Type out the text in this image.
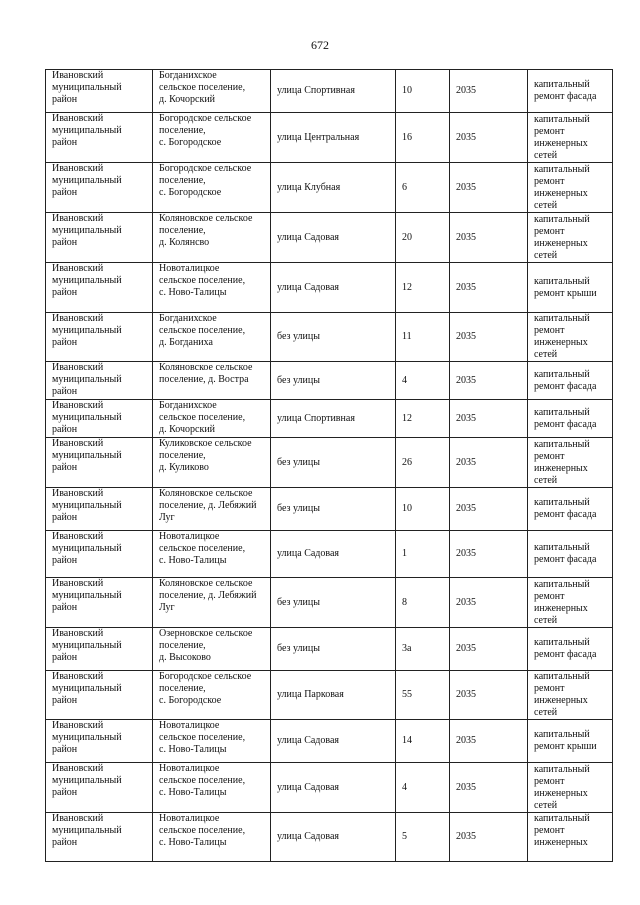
672
Ивановский
муниципальный
район	Богданихское
сельское поселение,
д. Кочорский	улица Спортивная	10	2035	капитальный
ремонт фасада

Ивановский
муниципальный
район	Богородское сельское
поселение,
с. Богородское	улица Центральная	16	2035	капитальный
ремонт
инженерных
сетей

Ивановский
муниципальный
район	Богородское сельское
поселение,
с. Богородское	улица Клубная	6	2035	капитальный
ремонт
инженерных
сетей

Ивановский
муниципальный
район	Коляновское сельское
поселение,
д. Колянсво	улица Садовая	20	2035	капитальный
ремонт
инженерных
сетей

Ивановский
муниципальный
район	Новоталицкое
сельское поселение,
с. Ново-Талицы	улица Садовая	12	2035	капитальный
ремонт крыши

Ивановский
муниципальный
район	Богданихское
сельское поселение,
д. Богданиха	без улицы	11	2035	капитальный
ремонт
инженерных
сетей

Ивановский
муниципальный
район	Коляновское сельское
поселение, д. Востра	без улицы	4	2035	капитальный
ремонт фасада

Ивановский
муниципальный
район	Богданихское
сельское поселение,
д. Кочорский	улица Спортивная	12	2035	капитальный
ремонт фасада

Ивановский
муниципальный
район	Куликовское сельское
поселение,
д. Куликово	без улицы	26	2035	капитальный
ремонт
инженерных
сетей

Ивановский
муниципальный
район	Коляновское сельское
поселение, д. Лебяжий
Луг	без улицы	10	2035	капитальный
ремонт фасада

Ивановский
муниципальный
район	Новоталицкое
сельское поселение,
с. Ново-Талицы	улица Садовая	1	2035	капитальный
ремонт фасада

Ивановский
муниципальный
район	Коляновское сельское
поселение, д. Лебяжий
Луг	без улицы	8	2035	капитальный
ремонт
инженерных
сетей

Ивановский
муниципальный
район	Озерновское сельское
поселение,
д. Высоково	без улицы	3а	2035	капитальный
ремонт фасада

Ивановский
муниципальный
район	Богородское сельское
поселение,
с. Богородское	улица Парковая	55	2035	капитальный
ремонт
инженерных
сетей

Ивановский
муниципальный
район	Новоталицкое
сельское поселение,
с. Ново-Талицы	улица Садовая	14	2035	капитальный
ремонт крыши

Ивановский
муниципальный
район	Новоталицкое
сельское поселение,
с. Ново-Талицы	улица Садовая	4	2035	капитальный
ремонт
инженерных
сетей

Ивановский
муниципальный
район	Новоталицкое
сельское поселение,
с. Ново-Талицы	улица Садовая	5	2035	капитальный
ремонт
инженерных
